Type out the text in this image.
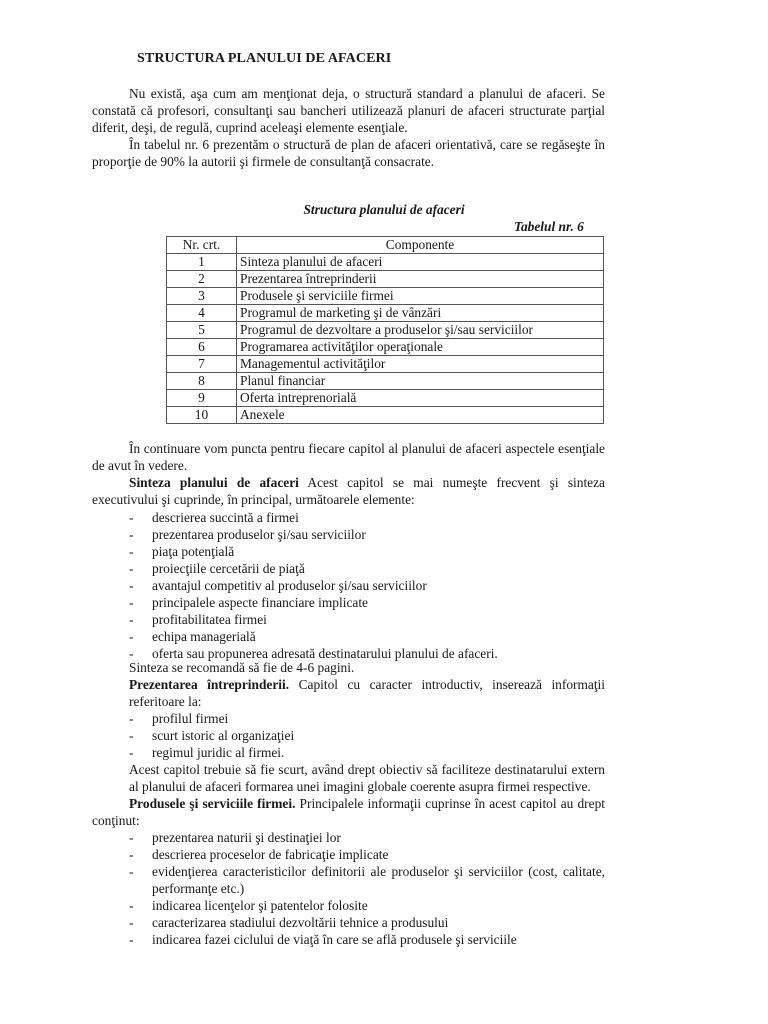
STRUCTURA PLANULUI DE AFACERI

Nu există, aşa cum am menţionat deja, o structură standard a planului de afaceri. Se constată că profesori, consultanţi sau bancheri utilizează planuri de afaceri structurate parţial diferit, deşi, de regulă, cuprind aceleaşi elemente esenţiale.

În tabelul nr. 6 prezentăm o structură de plan de afaceri orientativă, care se regăseşte în proporţie de 90% la autorii şi firmele de consultanţă consacrate.

Structura planului de afaceri

Tabelul nr. 6

Nr. crt.	Componente
1	Sinteza planului de afaceri
2	Prezentarea întreprinderii
3	Produsele şi serviciile firmei
4	Programul de marketing şi de vânzări
5	Programul de dezvoltare a produselor şi/sau serviciilor
6	Programarea activităţilor operaţionale
7	Managementul activităţilor
8	Planul financiar
9	Oferta intreprenorială
10	Anexele

În continuare vom puncta pentru fiecare capitol al planului de afaceri aspectele esenţiale de avut în vedere.

Sinteza planului de afaceri Acest capitol se mai numeşte frecvent şi sinteza executivului şi cuprinde, în principal, următoarele elemente:

- descrierea succintă a firmei
- prezentarea produselor şi/sau serviciilor
- piaţa potenţială
- proiecţiile cercetării de piaţă
- avantajul competitiv al produselor şi/sau serviciilor
- principalele aspecte financiare implicate
- profitabilitatea firmei
- echipa managerială
- oferta sau propunerea adresată destinatarului planului de afaceri.

Sinteza se recomandă să fie de 4-6 pagini.

Prezentarea întreprinderii. Capitol cu caracter introductiv, inserează informaţii referitoare la:

- profilul firmei
- scurt istoric al organizaţiei
- regimul juridic al firmei.

Acest capitol trebuie să fie scurt, având drept obiectiv să faciliteze destinatarului extern al planului de afaceri formarea unei imagini globale coerente asupra firmei respective.

Produsele şi serviciile firmei. Principalele informaţii cuprinse în acest capitol au drept conţinut:

- prezentarea naturii şi destinaţiei lor
- descrierea proceselor de fabricaţie implicate
- evidenţierea caracteristicilor definitorii ale produselor şi serviciilor (cost, calitate, performanţe etc.)
- indicarea licenţelor şi patentelor folosite
- caracterizarea stadiului dezvoltării tehnice a produsului
- indicarea fazei ciclului de viaţă în care se află produsele şi serviciile
